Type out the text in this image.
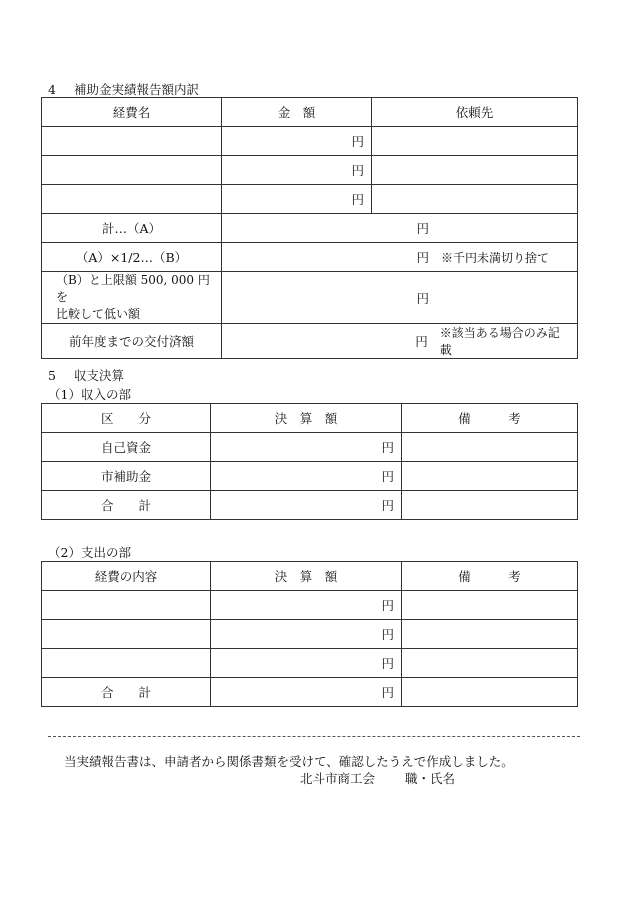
4 補助金実績報告額内訳
経費名	金　額	依頼先
	円	
	円	
	円	
計…（A）	円	

（A）×1/2…（B）	円 ※千円未満切り捨て	

（B）と上限額 500, 000 円を
比較して低い額	円	

前年度までの交付済額	円
※該当ある場合のみ記載	
5 収支決算
（1）収入の部
区　　分	決　算　額	備　　　考
自己資金	円	
市補助金	円	
合　　計	円	
（2）支出の部
経費の内容	決　算　額	備　　　考
	円	
	円	
	円	
合　　計	円	
当実績報告書は、申請者から関係書類を受けて、確認したうえで作成しました。
北斗市商工会 職・氏名
